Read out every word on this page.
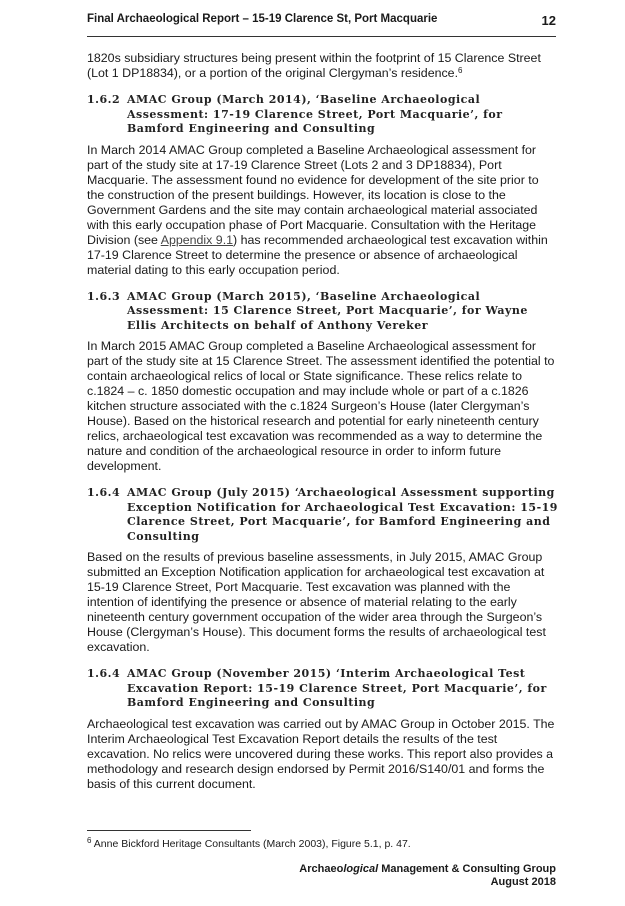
Final Archaeological Report – 15-19 Clarence St, Port Macquarie	12

1820s subsidiary structures being present within the footprint of 15 Clarence Street (Lot 1 DP18834), or a portion of the original Clergyman’s residence.$^6$

1.6.2 AMAC Group (March 2014), ‘Baseline Archaeological Assessment: 17-19 Clarence Street, Port Macquarie’, for Bamford Engineering and Consulting

In March 2014 AMAC Group completed a Baseline Archaeological assessment for part of the study site at 17-19 Clarence Street (Lots 2 and 3 DP18834), Port Macquarie. The assessment found no evidence for development of the site prior to the construction of the present buildings. However, its location is close to the Government Gardens and the site may contain archaeological material associated with this early occupation phase of Port Macquarie. Consultation with the Heritage Division (see Appendix 9.1) has recommended archaeological test excavation within 17-19 Clarence Street to determine the presence or absence of archaeological material dating to this early occupation period.

1.6.3 AMAC Group (March 2015), ‘Baseline Archaeological Assessment: 15 Clarence Street, Port Macquarie’, for Wayne Ellis Architects on behalf of Anthony Vereker

In March 2015 AMAC Group completed a Baseline Archaeological assessment for part of the study site at 15 Clarence Street. The assessment identified the potential to contain archaeological relics of local or State significance. These relics relate to c.1824 – c. 1850 domestic occupation and may include whole or part of a c.1826 kitchen structure associated with the c.1824 Surgeon’s House (later Clergyman’s House). Based on the historical research and potential for early nineteenth century relics, archaeological test excavation was recommended as a way to determine the nature and condition of the archaeological resource in order to inform future development.

1.6.4 AMAC Group (July 2015) ‘Archaeological Assessment supporting Exception Notification for Archaeological Test Excavation: 15-19 Clarence Street, Port Macquarie’, for Bamford Engineering and Consulting

Based on the results of previous baseline assessments, in July 2015, AMAC Group submitted an Exception Notification application for archaeological test excavation at 15-19 Clarence Street, Port Macquarie. Test excavation was planned with the intention of identifying the presence or absence of material relating to the early nineteenth century government occupation of the wider area through the Surgeon’s House (Clergyman’s House). This document forms the results of archaeological test excavation.

1.6.4 AMAC Group (November 2015) ‘Interim Archaeological Test Excavation Report: 15-19 Clarence Street, Port Macquarie’, for Bamford Engineering and Consulting

Archaeological test excavation was carried out by AMAC Group in October 2015. The Interim Archaeological Test Excavation Report details the results of the test excavation. No relics were uncovered during these works. This report also provides a methodology and research design endorsed by Permit 2016/S140/01 and forms the basis of this current document.

$^6$ Anne Bickford Heritage Consultants (March 2003), Figure 5.1, p. 47.
Archaeological Management & Consulting Group
August 2018
